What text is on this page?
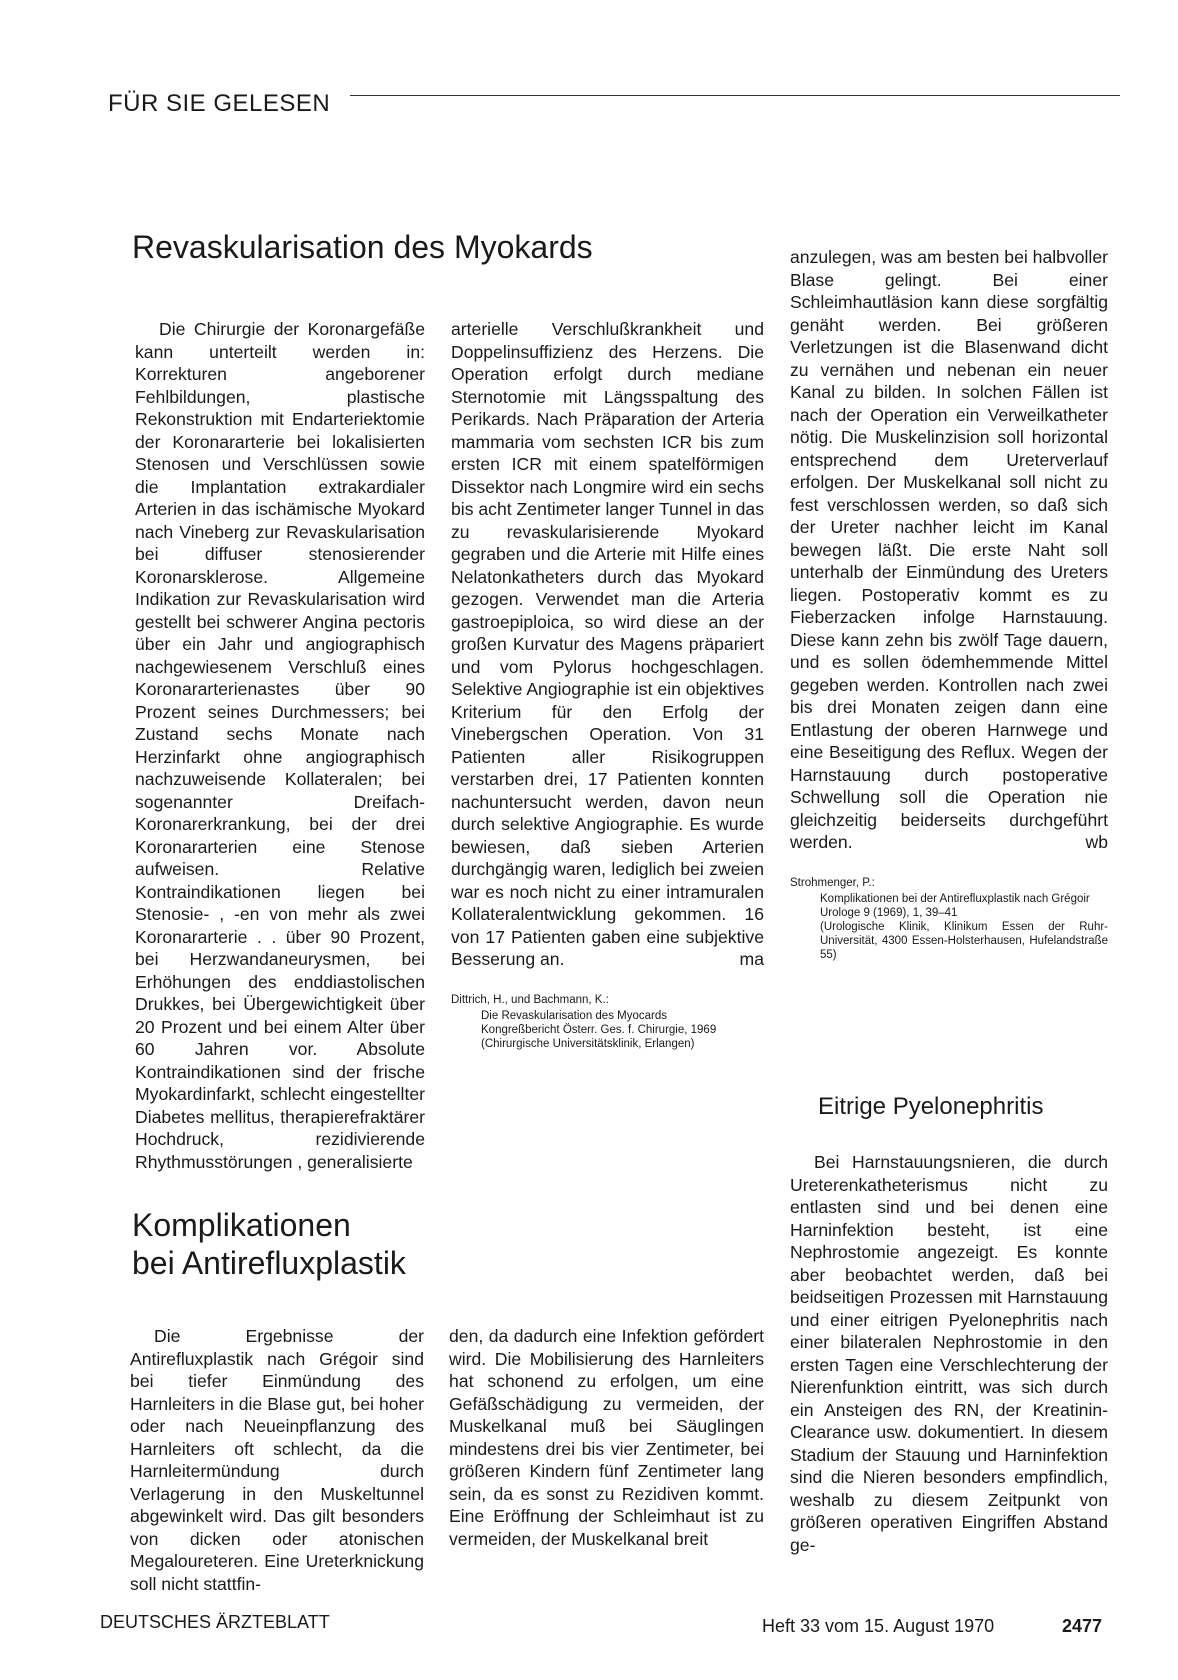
FÜR SIE GELESEN
Revaskularisation des Myokards

Die Chirurgie der Koronargefäße kann unterteilt werden in: Korrekturen angeborener Fehlbildungen, plastische Rekonstruktion mit Endarteriektomie der Koronararterie bei lokalisierten Stenosen und Verschlüssen sowie die Implantation extrakardialer Arterien in das ischämische Myokard nach Vineberg zur Revaskularisation bei diffuser stenosierender Koronarsklerose. Allgemeine Indikation zur Revaskularisation wird gestellt bei schwerer Angina pectoris über ein Jahr und angiographisch nachgewiesenem Verschluß eines Koronararterienastes über 90 Prozent seines Durchmessers; bei Zustand sechs Monate nach Herzinfarkt ohne angiographisch nachzuweisende Kollateralen; bei sogenannter Dreifach-Koronarerkrankung, bei der drei Koronararterien eine Stenose aufweisen. Relative Kontraindikationen liegen bei Stenosie- , -en von mehr als zwei Koronararterie . . über 90 Prozent, bei Herzwandaneurysmen, bei Erhöhungen des enddiastolischen Drukkes, bei Übergewichtigkeit über 20 Prozent und bei einem Alter über 60 Jahren vor. Absolute Kontraindikationen sind der frische Myokardinfarkt, schlecht eingestellter Diabetes mellitus, therapierefraktärer Hochdruck, rezidivierende Rhythmusstörungen , generalisierte

arterielle Verschlußkrankheit und Doppelinsuffizienz des Herzens. Die Operation erfolgt durch mediane Sternotomie mit Längsspaltung des Perikards. Nach Präparation der Arteria mammaria vom sechsten ICR bis zum ersten ICR mit einem spatelförmigen Dissektor nach Longmire wird ein sechs bis acht Zentimeter langer Tunnel in das zu revaskularisierende Myokard gegraben und die Arterie mit Hilfe eines Nelatonkatheters durch das Myokard gezogen. Verwendet man die Arteria gastroepiploica, so wird diese an der großen Kurvatur des Magens präpariert und vom Pylorus hochgeschlagen. Selektive Angiographie ist ein objektives Kriterium für den Erfolg der Vinebergschen Operation. Von 31 Patienten aller Risikogruppen verstarben drei, 17 Patienten konnten nachuntersucht werden, davon neun durch selektive Angiographie. Es wurde bewiesen, daß sieben Arterien durchgängig waren, lediglich bei zweien war es noch nicht zu einer intramuralen Kollateralentwicklung gekommen. 16 von 17 Patienten gaben eine subjektive Besserung an.	ma

Dittrich, H., und Bachmann, K.:
Die Revaskularisation des Myocards
Kongreßbericht Österr. Ges. f. Chirurgie, 1969
(Chirurgische Universitätsklinik, Erlangen)
Komplikationen
bei Antirefluxplastik

Die Ergebnisse der Antirefluxplastik nach Grégoir sind bei tiefer Einmündung des Harnleiters in die Blase gut, bei hoher oder nach Neueinpflanzung des Harnleiters oft schlecht, da die Harnleitermündung durch Verlagerung in den Muskeltunnel abgewinkelt wird. Das gilt besonders von dicken oder atonischen Megaloureteren. Eine Ureterknickung soll nicht stattfin-

den, da dadurch eine Infektion gefördert wird. Die Mobilisierung des Harnleiters hat schonend zu erfolgen, um eine Gefäßschädigung zu vermeiden, der Muskelkanal muß bei Säuglingen mindestens drei bis vier Zentimeter, bei größeren Kindern fünf Zentimeter lang sein, da es sonst zu Rezidiven kommt. Eine Eröffnung der Schleimhaut ist zu vermeiden, der Muskelkanal breit

anzulegen, was am besten bei halbvoller Blase gelingt. Bei einer Schleimhautläsion kann diese sorgfältig genäht werden. Bei größeren Verletzungen ist die Blasenwand dicht zu vernähen und nebenan ein neuer Kanal zu bilden. In solchen Fällen ist nach der Operation ein Verweilkatheter nötig. Die Muskelinzision soll horizontal entsprechend dem Ureterverlauf erfolgen. Der Muskelkanal soll nicht zu fest verschlossen werden, so daß sich der Ureter nachher leicht im Kanal bewegen läßt. Die erste Naht soll unterhalb der Einmündung des Ureters liegen. Postoperativ kommt es zu Fieberzacken infolge Harnstauung. Diese kann zehn bis zwölf Tage dauern, und es sollen ödemhemmende Mittel gegeben werden. Kontrollen nach zwei bis drei Monaten zeigen dann eine Entlastung der oberen Harnwege und eine Beseitigung des Reflux. Wegen der Harnstauung durch postoperative Schwellung soll die Operation nie gleichzeitig beiderseits durchgeführt werden.	wb

Strohmenger, P.:
Komplikationen bei der Antirefluxplastik nach Grégoir
Urologe 9 (1969), 1, 39–41
(Urologische Klinik, Klinikum Essen der Ruhr-Universität, 4300 Essen-Holsterhausen, Hufelandstraße 55)
Eitrige Pyelonephritis

Bei Harnstauungsnieren, die durch Ureterenkatheterismus nicht zu entlasten sind und bei denen eine Harninfektion besteht, ist eine Nephrostomie angezeigt. Es konnte aber beobachtet werden, daß bei beidseitigen Prozessen mit Harnstauung und einer eitrigen Pyelonephritis nach einer bilateralen Nephrostomie in den ersten Tagen eine Verschlechterung der Nierenfunktion eintritt, was sich durch ein Ansteigen des RN, der Kreatinin-Clearance usw. dokumentiert. In diesem Stadium der Stauung und Harninfektion sind die Nieren besonders empfindlich, weshalb zu diesem Zeitpunkt von größeren operativen Eingriffen Abstand ge-

DEUTSCHES ÄRZTEBLATT	Heft 33 vom 15. August 1970	2477
